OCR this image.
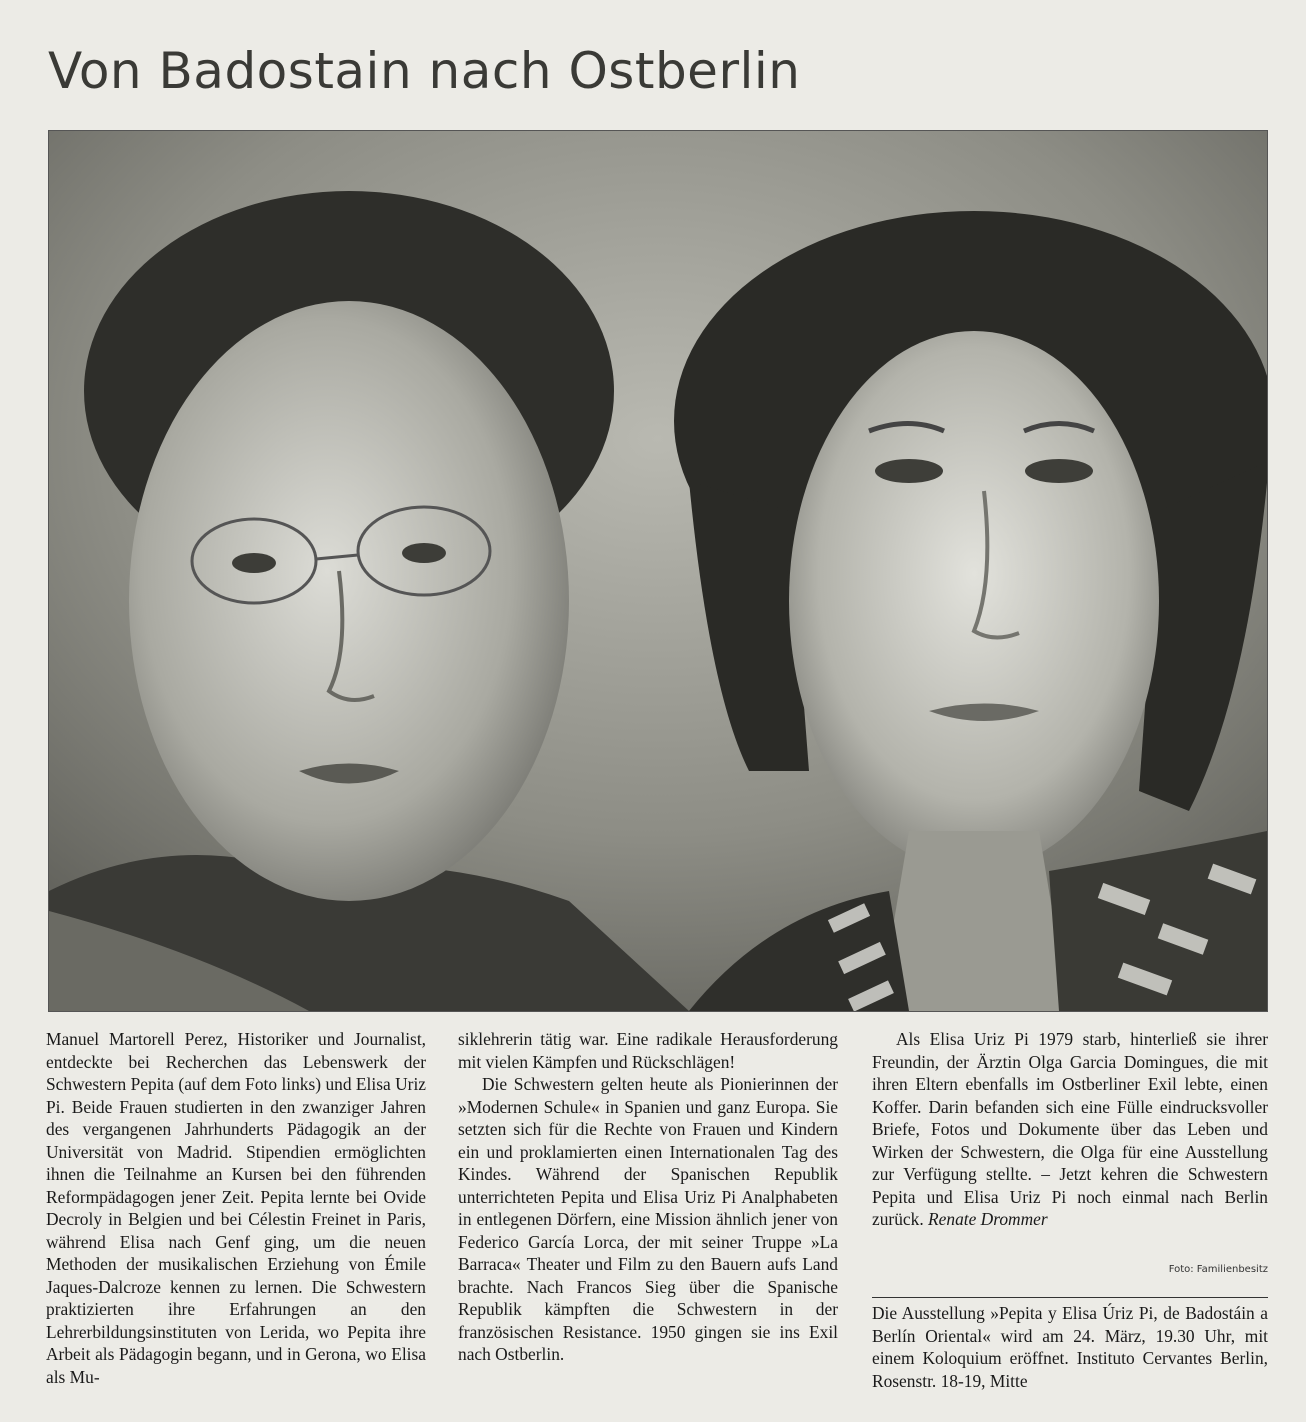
Von Badostain nach Ostberlin

Manuel Martorell Perez, Historiker und Journalist, entdeckte bei Recherchen das Lebenswerk der Schwestern Pepita (auf dem Foto links) und Elisa Uriz Pi. Beide Frauen studierten in den zwanziger Jahren des vergangenen Jahrhunderts Pädagogik an der Universität von Madrid. Stipendien ermöglichten ihnen die Teilnahme an Kursen bei den führenden Reformpädagogen jener Zeit. Pepita lernte bei Ovide Decroly in Belgien und bei Célestin Freinet in Paris, während Elisa nach Genf ging, um die neuen Methoden der musikalischen Erziehung von Émile Jaques-Dalcroze kennen zu lernen. Die Schwestern praktizierten ihre Erfahrungen an den Lehrerbildungsinstituten von Lerida, wo Pepita ihre Arbeit als Pädagogin begann, und in Gerona, wo Elisa als Mu-

siklehrerin tätig war. Eine radikale Herausforderung mit vielen Kämpfen und Rückschlägen!

Die Schwestern gelten heute als Pionierinnen der »Modernen Schule« in Spanien und ganz Europa. Sie setzten sich für die Rechte von Frauen und Kindern ein und proklamierten einen Internationalen Tag des Kindes. Während der Spanischen Republik unterrichteten Pepita und Elisa Uriz Pi Analphabeten in entlegenen Dörfern, eine Mission ähnlich jener von Federico García Lorca, der mit seiner Truppe »La Barraca« Theater und Film zu den Bauern aufs Land brachte. Nach Francos Sieg über die Spanische Republik kämpften die Schwestern in der französischen Resistance. 1950 gingen sie ins Exil nach Ostberlin.

Als Elisa Uriz Pi 1979 starb, hinterließ sie ihrer Freundin, der Ärztin Olga Garcia Domingues, die mit ihren Eltern ebenfalls im Ostberliner Exil lebte, einen Koffer. Darin befanden sich eine Fülle eindrucksvoller Briefe, Fotos und Dokumente über das Leben und Wirken der Schwestern, die Olga für eine Ausstellung zur Verfügung stellte. – Jetzt kehren die Schwestern Pepita und Elisa Uriz Pi noch einmal nach Berlin zurück. Renate Drommer

Foto: Familienbesitz
Die Ausstellung »Pepita y Elisa Úriz Pi, de Badostáin a Berlín Oriental« wird am 24. März, 19.30 Uhr, mit einem Koloquium eröffnet. Instituto Cervantes Berlin, Rosenstr. 18-19, Mitte
